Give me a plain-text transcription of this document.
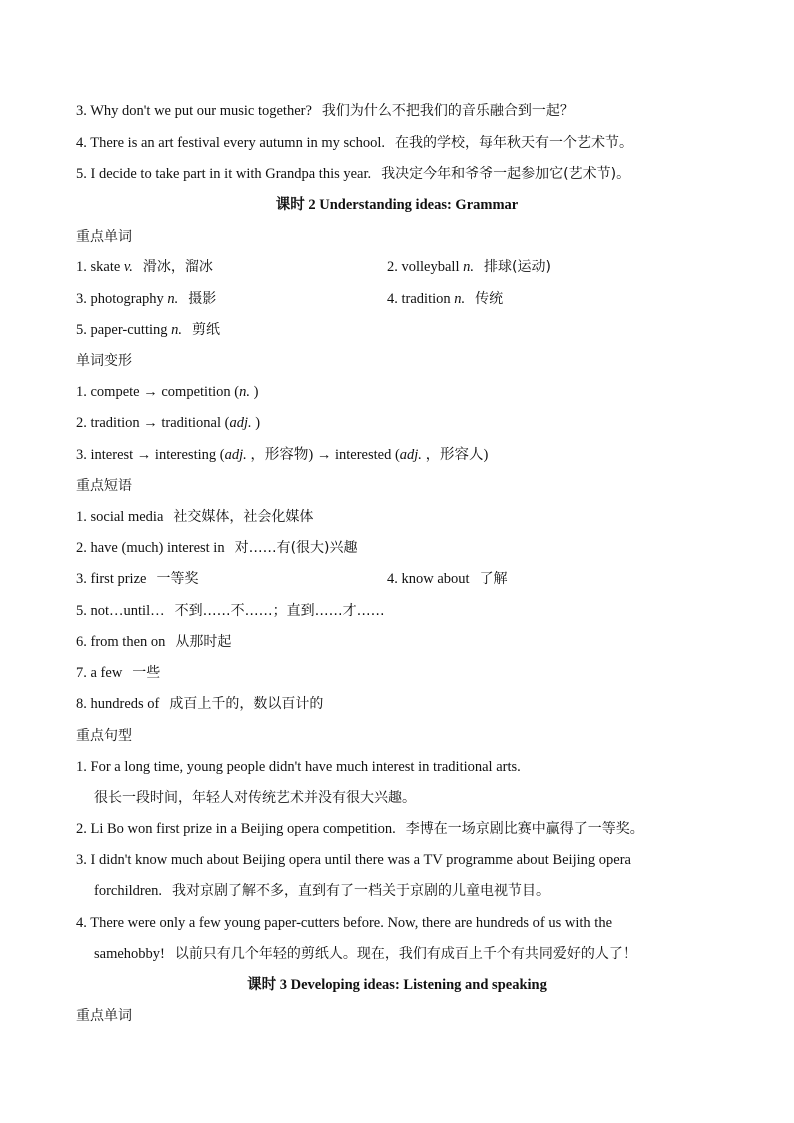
3. Why don't we put our music together? 我们为什么不把我们的音乐融合到一起？
4. There is an art festival every autumn in my school. 在我的学校，每年秋天有一个艺术节。
5. I decide to take part in it with Grandpa this year. 我决定今年和爷爷一起参加它(艺术节)。
课时 2 Understanding ideas: Grammar
重点单词
1. skate v. 滑冰，溜冰	2. volleyball n. 排球(运动)
3. photography n. 摄影	4. tradition n. 传统
5. paper-cutting n. 剪纸
单词变形
1. compete → competition (n. )
2. tradition → traditional (adj. )
3. interest → interesting (adj. ，形容物) → interested (adj. ，形容人)
重点短语
1. social media 社交媒体，社会化媒体
2. have (much) interest in 对……有(很大)兴趣
3. first prize 一等奖	4. know about 了解
5. not…until… 不到……不……；直到……才……
6. from then on 从那时起
7. a few 一些
8. hundreds of 成百上千的，数以百计的
重点句型
1. For a long time, young people didn't have much interest in traditional arts.
很长一段时间，年轻人对传统艺术并没有很大兴趣。
2. Li Bo won first prize in a Beijing opera competition. 李博在一场京剧比赛中赢得了一等奖。
3. I didn't know much about Beijing opera until there was a TV programme about Beijing opera
forchildren. 我对京剧了解不多，直到有了一档关于京剧的儿童电视节目。
4. There were only a few young paper-cutters before. Now, there are hundreds of us with the
samehobby! 以前只有几个年轻的剪纸人。现在，我们有成百上千个有共同爱好的人了！
课时 3 Developing ideas: Listening and speaking
重点单词
